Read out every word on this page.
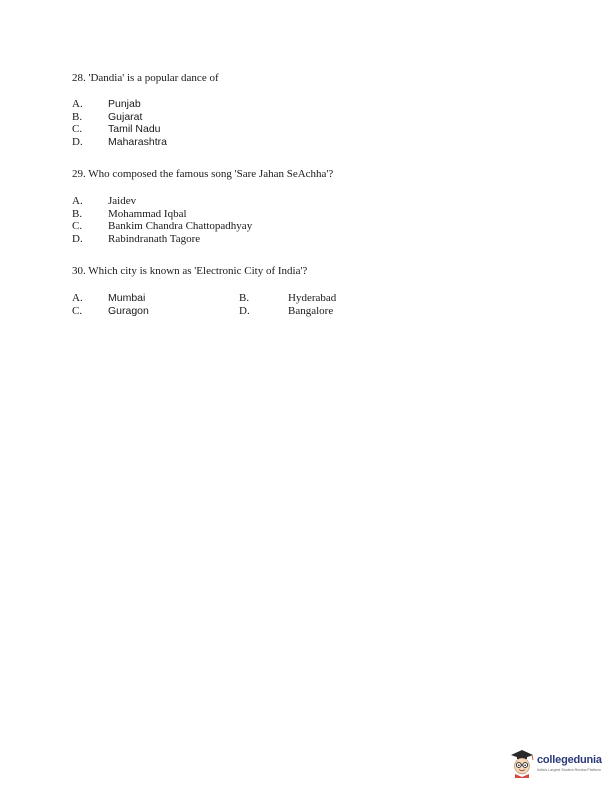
28. 'Dandia' is a popular dance of
A. Punjab
B. Gujarat
C. Tamil Nadu
D. Maharashtra
29. Who composed the famous song 'Sare Jahan SeAchha'?
A. Jaidev
B. Mohammad Iqbal
C. Bankim Chandra Chattopadhyay
D. Rabindranath Tagore
30. Which city is known as 'Electronic City of India'?
A. Mumbai	B.	Hyderabad
C. Guragon	D.	Bangalore
collegedunia
India's Largest Student Review Platform
